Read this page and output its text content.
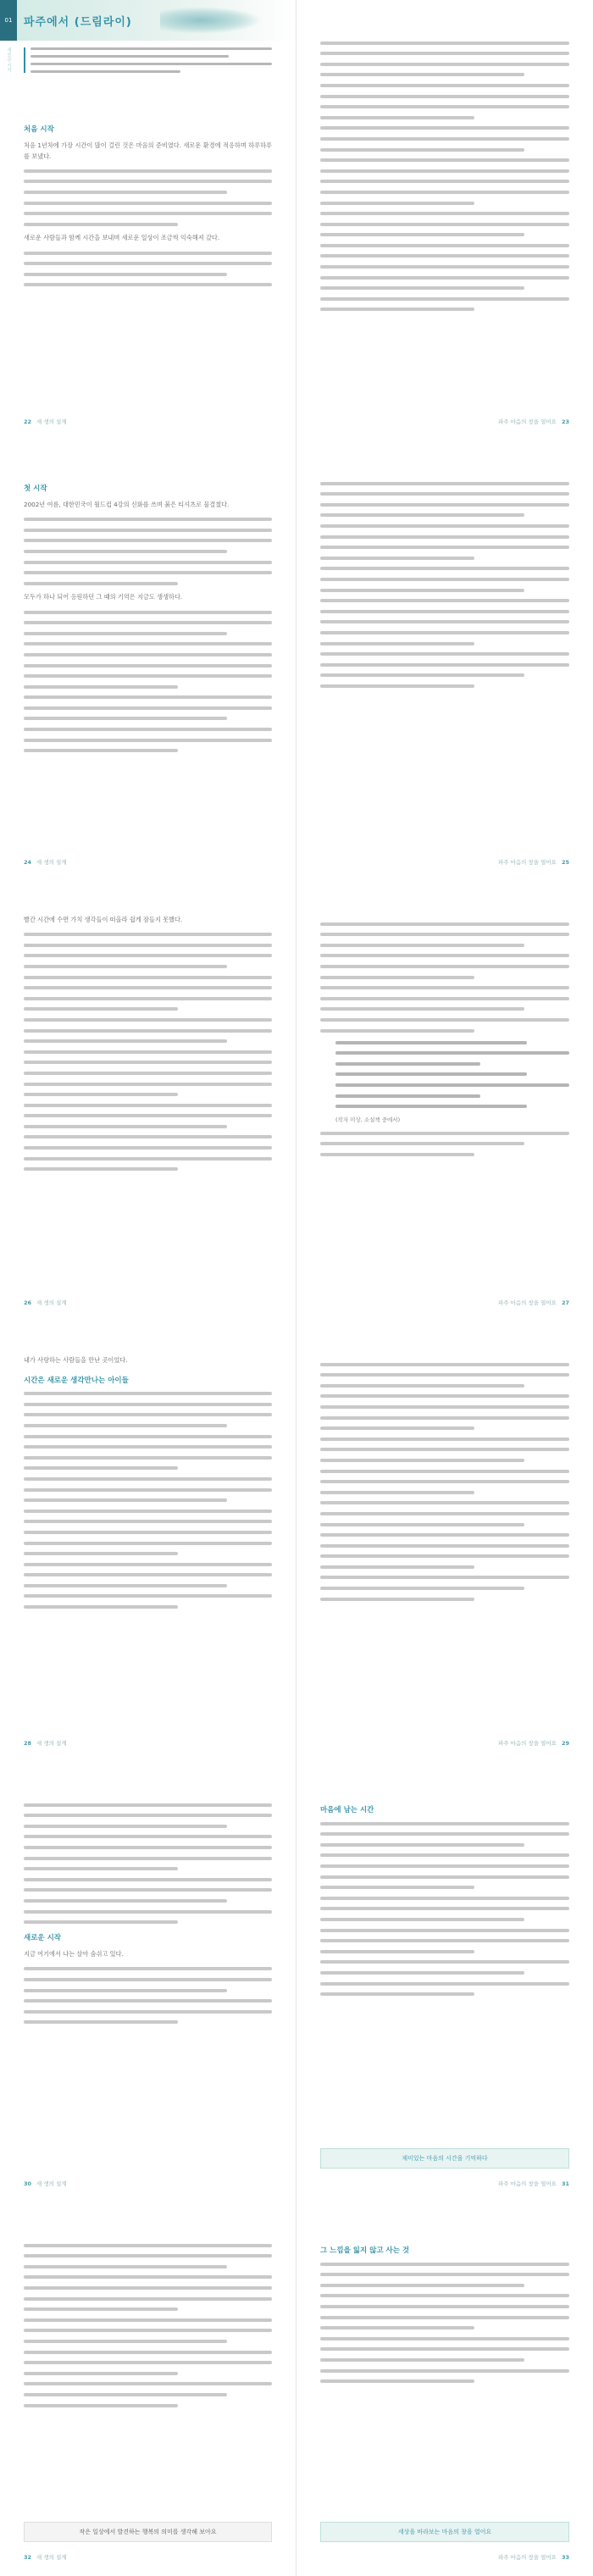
01	파주에서 (드림라이)
새로운 시작
처음 시작

처음 1년차에 가장 시간이 많이 걸린 것은 마음의 준비였다. 새로운 환경에 적응하며 하루하루를 보냈다.

새로운 사람들과 함께 시간을 보내며 새로운 일상이 조금씩 익숙해져 갔다.

22 새 생의 설계	파주 마음의 창을 열어요 23
첫 시작

2002년 여름, 대한민국이 월드컵 4강의 신화를 쓰며 붉은 티셔츠로 물결쳤다.

모두가 하나 되어 응원하던 그 때의 기억은 지금도 생생하다.

24 새 생의 설계	파주 마음의 창을 열어요 25

빨간 시간에 수면 가치 생각들이 떠올라 쉽게 잠들지 못했다.

26 새 생의 설계
(작자 미상, 소설책 중에서)
파주 마음의 창을 열어요 27

내가 사랑하는 사람들을 만난 곳이었다.

시간은 새로운 생각만나는 아이들
28 새 생의 설계	파주 마음의 창을 열어요 29
새로운 시작

지금 여기에서 나는 살아 숨쉬고 있다.

30 새 생의 설계
마음에 남는 시간
재미있는 마음의 시간을 기억하다
파주 마음의 창을 열어요 31
작은 일상에서 발견하는 행복의 의미를 생각해 보아요
32 새 생의 설계
그 느낌을 잃지 않고 사는 것
세상을 바라보는 마음의 창을 열어요
파주 마음의 창을 열어요 33
